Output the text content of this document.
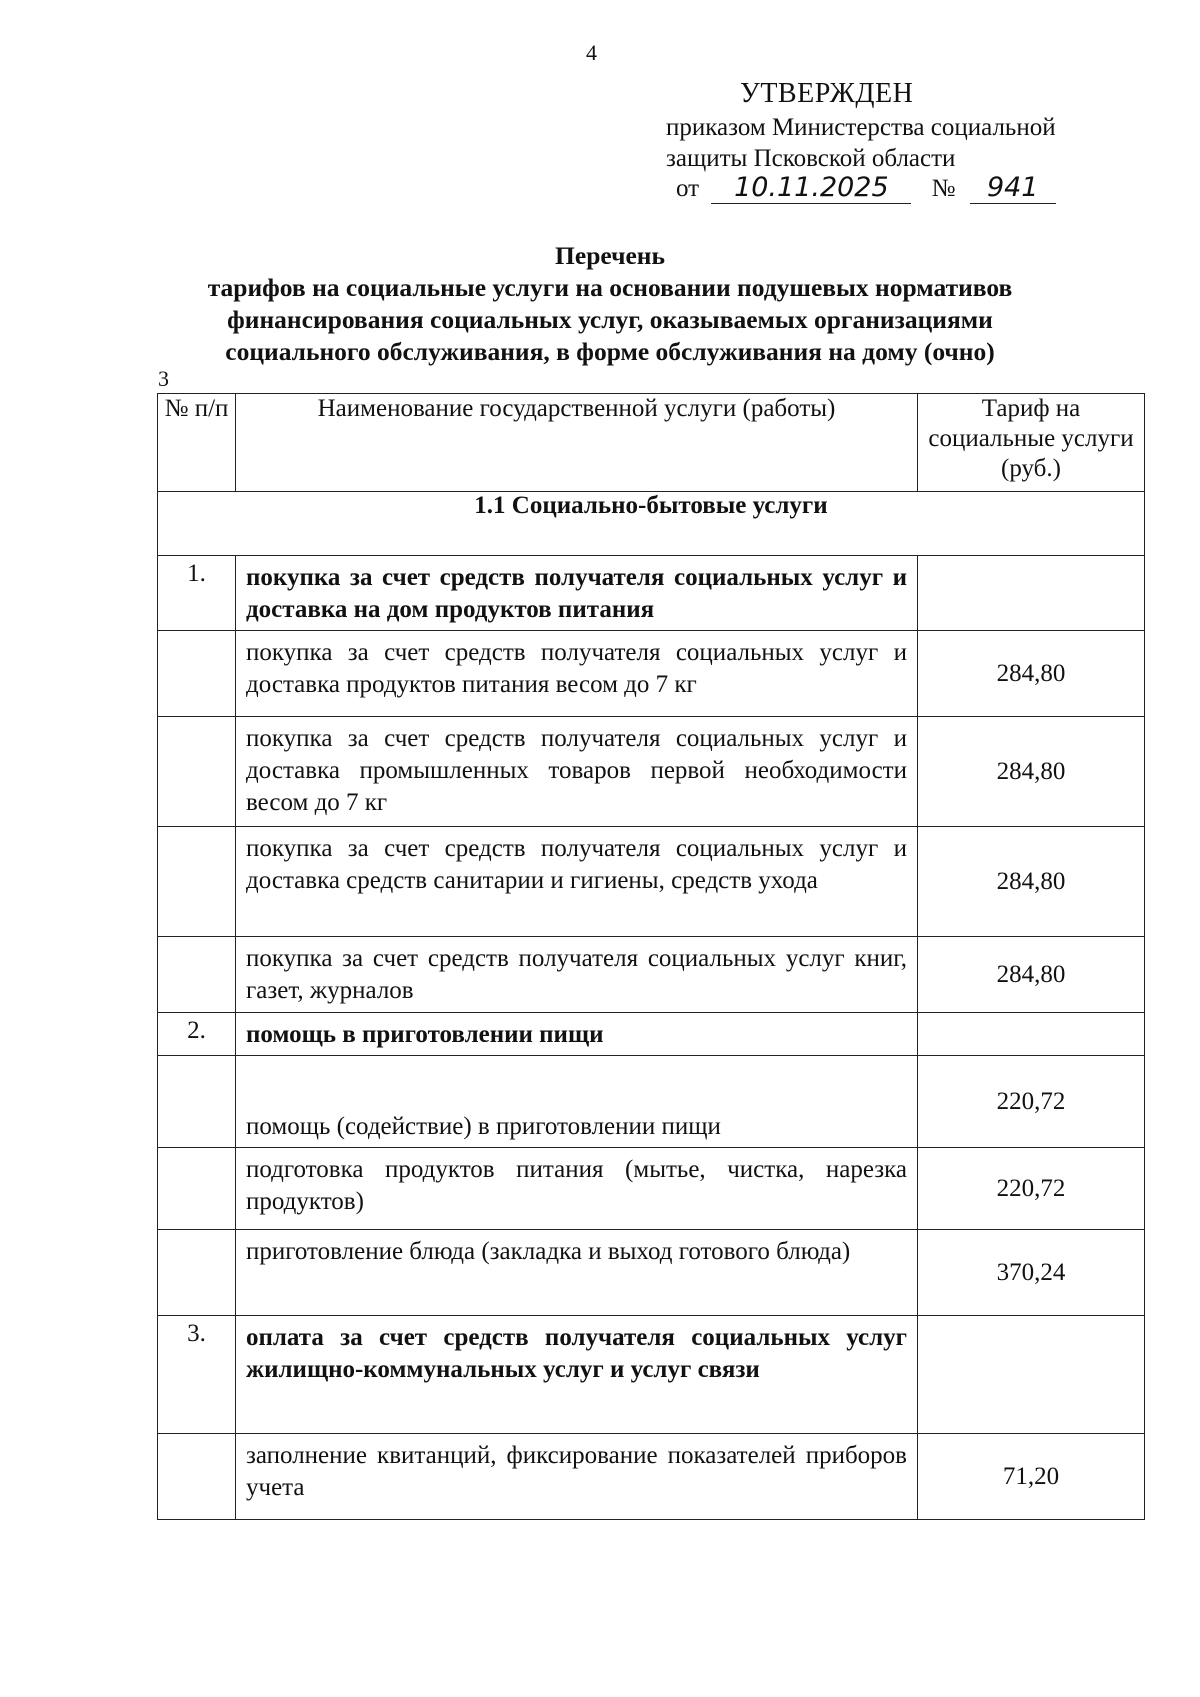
4
УТВЕРЖДЕН
приказом Министерства социальной
защиты Псковской области
от 10.11.2025 № 941
Перечень
тарифов на социальные услуги на основании подушевых нормативов
финансирования социальных услуг, оказываемых организациями
социального обслуживания, в форме обслуживания на дому (очно)
3
№ п/п	Наименование государственной услуги (работы)	Тариф на социальные услуги (руб.)
1.1 Социально-бытовые услуги		
1.	покупка за счет средств получателя социальных услуг и доставка на дом продуктов питания	
	покупка за счет средств получателя социальных услуг и доставка продуктов питания весом до 7 кг	284,80
	покупка за счет средств получателя социальных услуг и доставка промышленных товаров первой необходимости весом до 7 кг	284,80
	покупка за счет средств получателя социальных услуг и доставка средств санитарии и гигиены, средств ухода	284,80
	покупка за счет средств получателя социальных услуг книг, газет, журналов	284,80
2.	помощь в приготовлении пищи	
	помощь (содействие) в приготовлении пищи	220,72
	подготовка продуктов питания (мытье, чистка, нарезка продуктов)	220,72
	приготовление блюда (закладка и выход готового блюда)	370,24
3.	оплата за счет средств получателя социальных услуг жилищно-коммунальных услуг и услуг связи	
	заполнение квитанций, фиксирование показателей приборов учета	71,20
